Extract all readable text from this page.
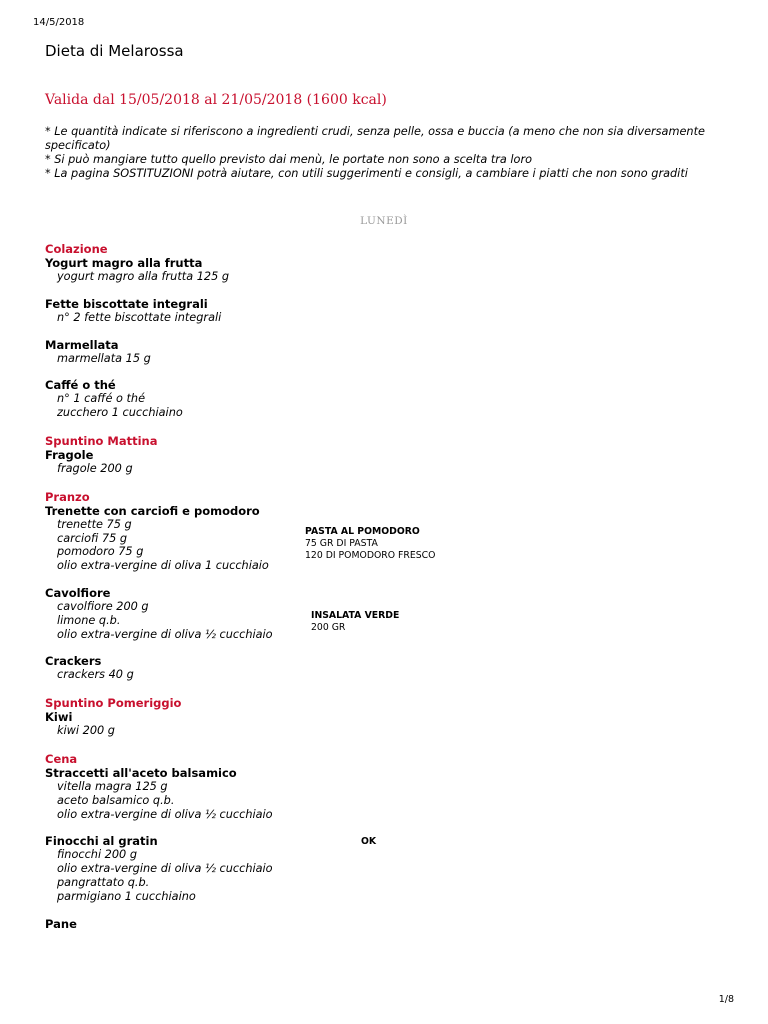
14/5/2018
Dieta di Melarossa
Valida dal 15/05/2018 al 21/05/2018 (1600 kcal)
* Le quantità indicate si riferiscono a ingredienti crudi, senza pelle, ossa e buccia (a meno che non sia diversamente specificato)
* Si può mangiare tutto quello previsto dai menù, le portate non sono a scelta tra loro
* La pagina SOSTITUZIONI potrà aiutare, con utili suggerimenti e consigli, a cambiare i piatti che non sono graditi
LUNEDÌ
Colazione
Yogurt magro alla frutta
yogurt magro alla frutta 125 g
Fette biscottate integrali
n° 2 fette biscottate integrali
Marmellata
marmellata 15 g
Caffé o thé
n° 1 caffé o thé
zucchero 1 cucchiaino
Spuntino Mattina
Fragole
fragole 200 g
Pranzo
Trenette con carciofi e pomodoro
trenette 75 g
carciofi 75 g
pomodoro 75 g
olio extra-vergine di oliva 1 cucchiaio
Cavolfiore
cavolfiore 200 g
limone q.b.
olio extra-vergine di oliva ½ cucchiaio
Crackers
crackers 40 g
Spuntino Pomeriggio
Kiwi
kiwi 200 g
Cena
Straccetti all'aceto balsamico
vitella magra 125 g
aceto balsamico q.b.
olio extra-vergine di oliva ½ cucchiaio
Finocchi al gratin
finocchi 200 g
olio extra-vergine di oliva ½ cucchiaio
pangrattato q.b.
parmigiano 1 cucchiaino
Pane
PASTA AL POMODORO
75 GR DI PASTA
120 DI POMODORO FRESCO
INSALATA VERDE
200 GR
OK
1/8
